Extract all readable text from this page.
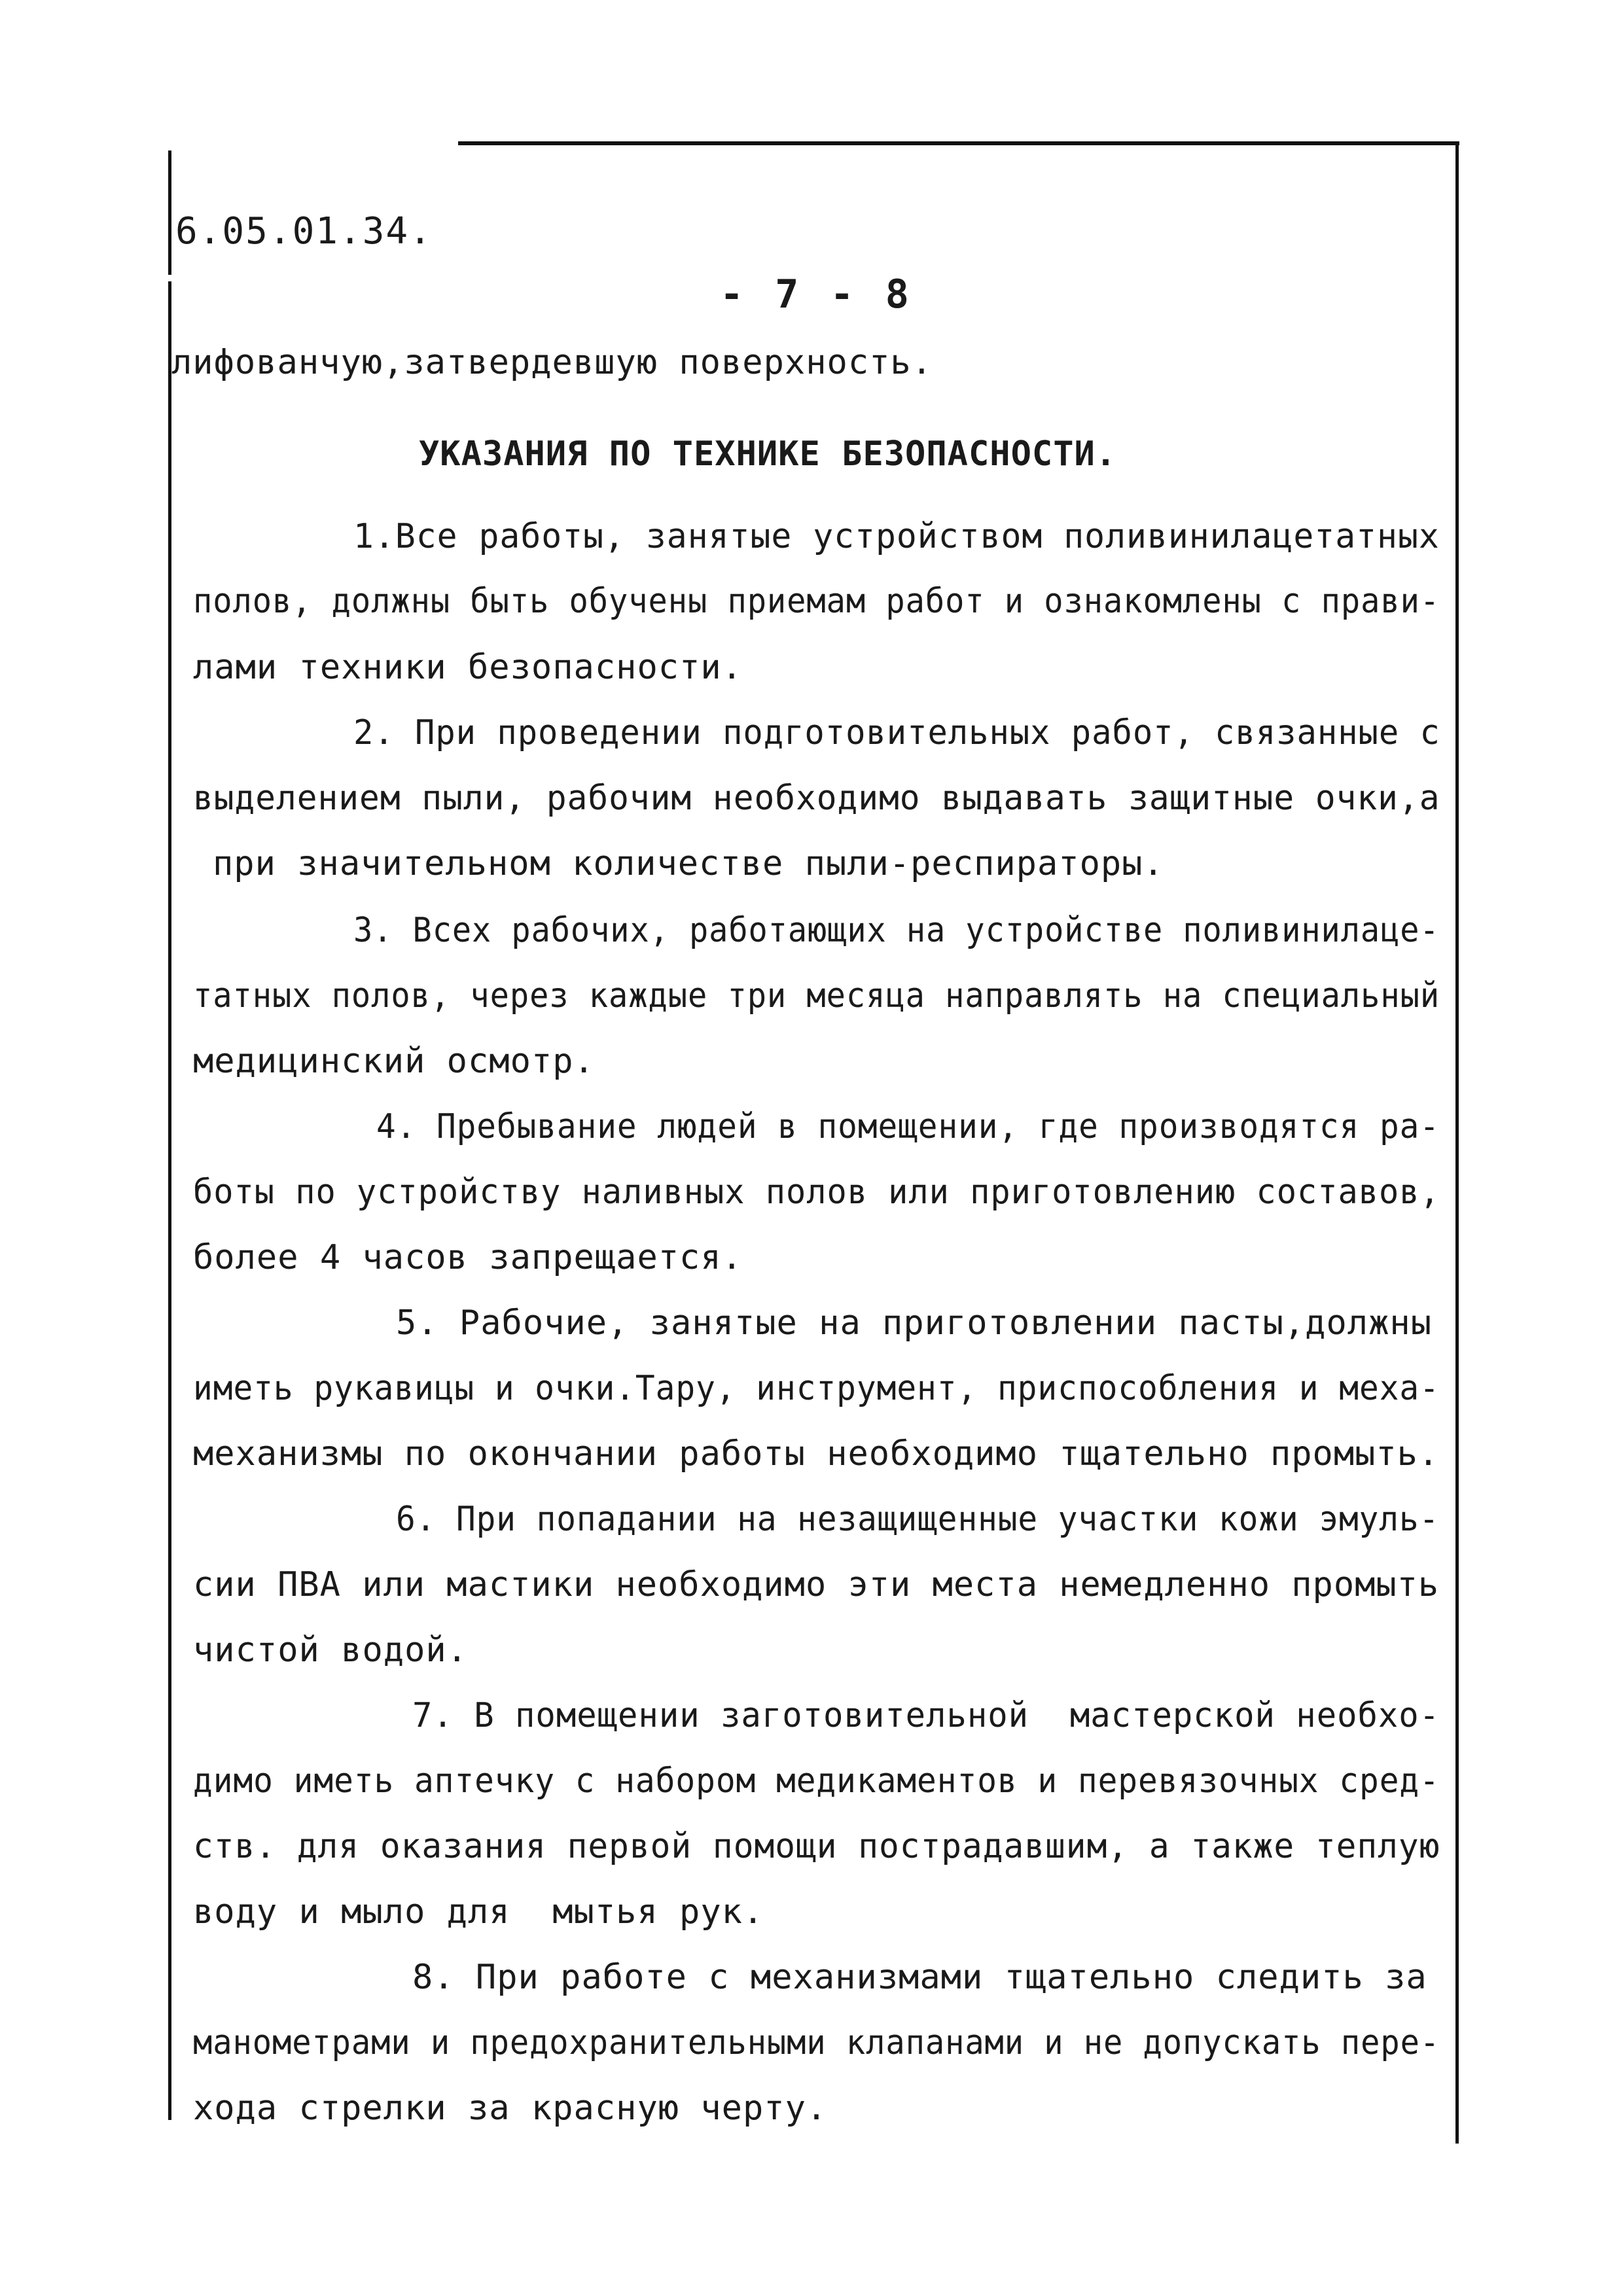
6.05.01.34.
- 7 - 8
лифованчую,затвердевшую поверхность.
УКАЗАНИЯ ПО ТЕХНИКЕ БЕЗОПАСНОСТИ.
1.Все работы, занятые устройством поливинилацетатных
полов, должны быть обучены приемам работ и ознакомлены с прави-
лами техники безопасности.
2. При проведении подготовительных работ, связанные с
выделением пыли, рабочим необходимо выдавать защитные очки,а
при значительном количестве пыли-респираторы.
3. Всех рабочих, работающих на устройстве поливинилаце-
татных полов, через каждые три месяца направлять на специальный
медицинский осмотр.
4. Пребывание людей в помещении, где производятся ра-
боты по устройству наливных полов или приготовлению составов,
более 4 часов запрещается.
5. Рабочие, занятые на приготовлении пасты,должны
иметь рукавицы и очки.Тару, инструмент, приспособления и меха-
механизмы по окончании работы необходимо тщательно промыть.
6. При попадании на незащищенные участки кожи эмуль-
сии ПВА или мастики необходимо эти места немедленно промыть
чистой водой.
7. В помещении заготовительной  мастерской необхо-
димо иметь аптечку с набором медикаментов и перевязочных сред-
ств. для оказания первой помощи пострадавшим, а также теплую
воду и мыло для  мытья рук.
8. При работе с механизмами тщательно следить за
манометрами и предохранительными клапанами и не допускать пере-
хода стрелки за красную черту.
